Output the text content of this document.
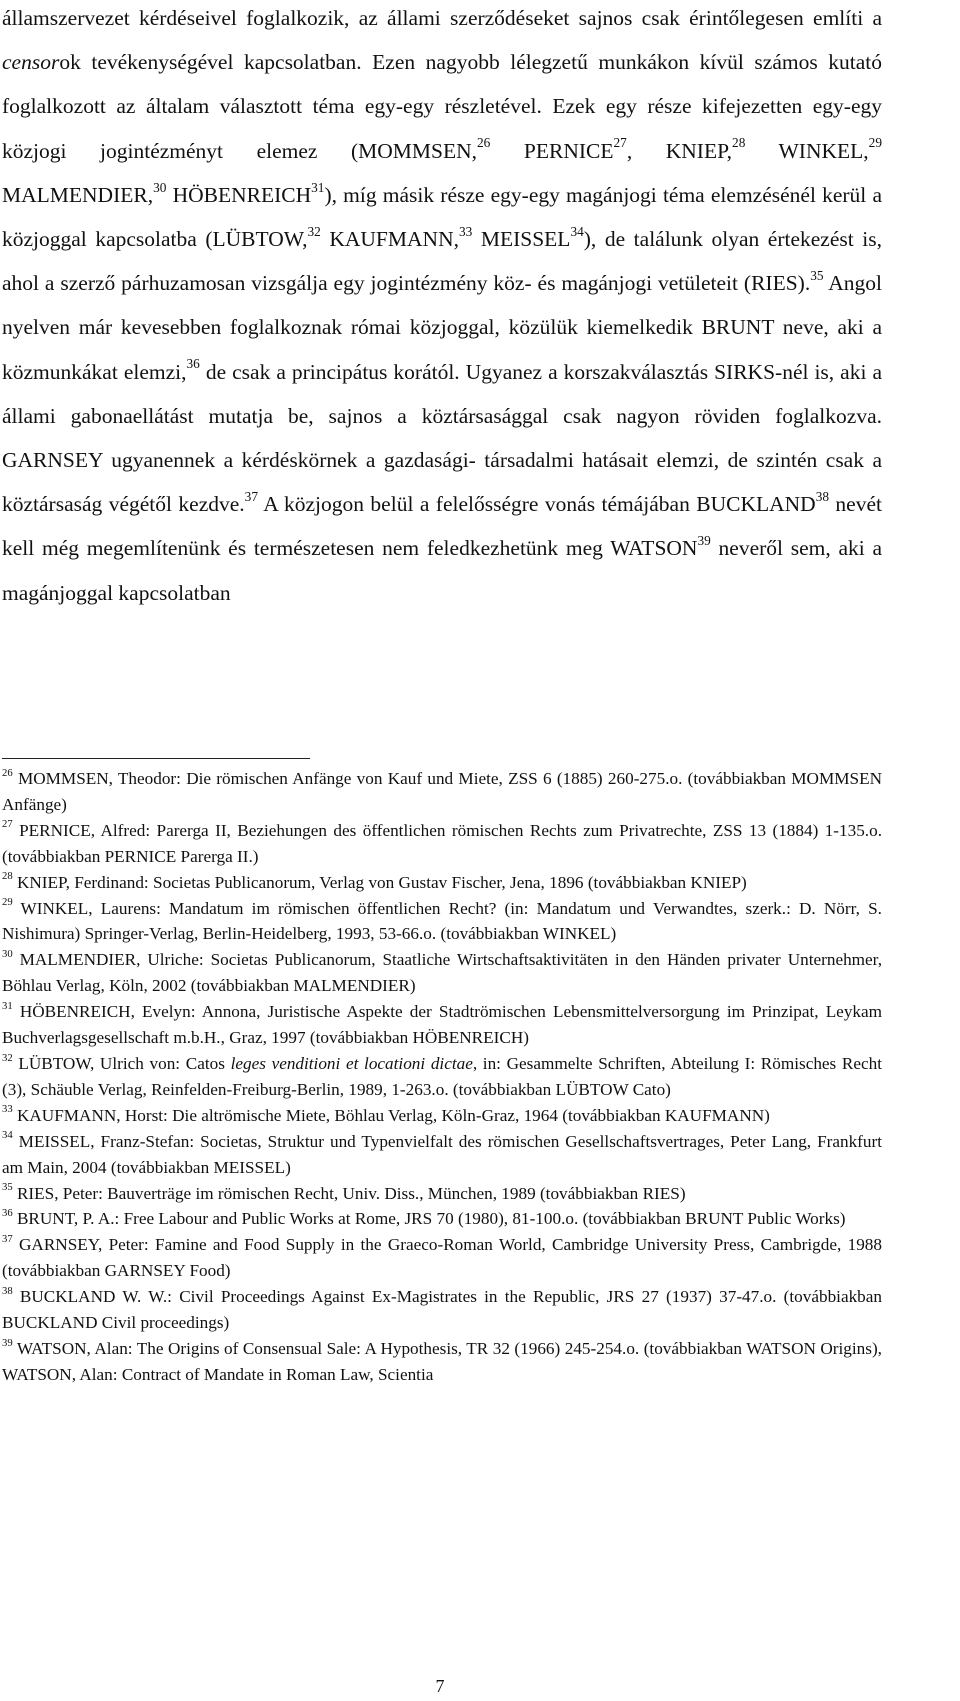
államszervezet kérdéseivel foglalkozik, az állami szerződéseket sajnos csak érintőlegesen említi a censorok tevékenységével kapcsolatban. Ezen nagyobb lélegzetű munkákon kívül számos kutató foglalkozott az általam választott téma egy-egy részletével. Ezek egy része kifejezetten egy-egy közjogi jogintézményt elemez (MOMMSEN,$^{26}$ PERNICE$^{27}$, KNIEP,$^{28}$ WINKEL,$^{29}$ MALMENDIER,$^{30}$ HÖBENREICH$^{31}$), míg másik része egy-egy magánjogi téma elemzésénél kerül a közjoggal kapcsolatba (LÜBTOW,$^{32}$ KAUFMANN,$^{33}$ MEISSEL$^{34}$), de találunk olyan értekezést is, ahol a szerző párhuzamosan vizsgálja egy jogintézmény köz- és magánjogi vetületeit (RIES).$^{35}$ Angol nyelven már kevesebben foglalkoznak római közjoggal, közülük kiemelkedik BRUNT neve, aki a közmunkákat elemzi,$^{36}$ de csak a principátus korától. Ugyanez a korszakválasztás SIRKS-nél is, aki a állami gabonaellátást mutatja be, sajnos a köztársasággal csak nagyon röviden foglalkozva. GARNSEY ugyanennek a kérdéskörnek a gazdasági- társadalmi hatásait elemzi, de szintén csak a köztársaság végétől kezdve.$^{37}$ A közjogon belül a felelősségre vonás témájában BUCKLAND$^{38}$ nevét kell még megemlítenünk és természetesen nem feledkezhetünk meg WATSON$^{39}$ neveről sem, aki a magánjoggal kapcsolatban

$^{26}$ MOMMSEN, Theodor: Die römischen Anfänge von Kauf und Miete, ZSS 6 (1885) 260-275.o. (továbbiakban MOMMSEN Anfänge)

$^{27}$ PERNICE, Alfred: Parerga II, Beziehungen des öffentlichen römischen Rechts zum Privatrechte, ZSS 13 (1884) 1-135.o. (továbbiakban PERNICE Parerga II.)

$^{28}$ KNIEP, Ferdinand: Societas Publicanorum, Verlag von Gustav Fischer, Jena, 1896 (továbbiakban KNIEP)

$^{29}$ WINKEL, Laurens: Mandatum im römischen öffentlichen Recht? (in: Mandatum und Verwandtes, szerk.: D. Nörr, S. Nishimura) Springer-Verlag, Berlin-Heidelberg, 1993, 53-66.o. (továbbiakban WINKEL)

$^{30}$ MALMENDIER, Ulriche: Societas Publicanorum, Staatliche Wirtschaftsaktivitäten in den Händen privater Unternehmer, Böhlau Verlag, Köln, 2002 (továbbiakban MALMENDIER)

$^{31}$ HÖBENREICH, Evelyn: Annona, Juristische Aspekte der Stadtrömischen Lebensmittelversorgung im Prinzipat, Leykam Buchverlagsgesellschaft m.b.H., Graz, 1997 (továbbiakban HÖBENREICH)

$^{32}$ LÜBTOW, Ulrich von: Catos leges venditioni et locationi dictae, in: Gesammelte Schriften, Abteilung I: Römisches Recht (3), Schäuble Verlag, Reinfelden-Freiburg-Berlin, 1989, 1-263.o. (továbbiakban LÜBTOW Cato)

$^{33}$ KAUFMANN, Horst: Die altrömische Miete, Böhlau Verlag, Köln-Graz, 1964 (továbbiakban KAUFMANN)

$^{34}$ MEISSEL, Franz-Stefan: Societas, Struktur und Typenvielfalt des römischen Gesellschaftsvertrages, Peter Lang, Frankfurt am Main, 2004 (továbbiakban MEISSEL)

$^{35}$ RIES, Peter: Bauverträge im römischen Recht, Univ. Diss., München, 1989 (továbbiakban RIES)

$^{36}$ BRUNT, P. A.: Free Labour and Public Works at Rome, JRS 70 (1980), 81-100.o. (továbbiakban BRUNT Public Works)

$^{37}$ GARNSEY, Peter: Famine and Food Supply in the Graeco-Roman World, Cambridge University Press, Cambrigde, 1988 (továbbiakban GARNSEY Food)

$^{38}$ BUCKLAND W. W.: Civil Proceedings Against Ex-Magistrates in the Republic, JRS 27 (1937) 37-47.o. (továbbiakban BUCKLAND Civil proceedings)

$^{39}$ WATSON, Alan: The Origins of Consensual Sale: A Hypothesis, TR 32 (1966) 245-254.o. (továbbiakban WATSON Origins), WATSON, Alan: Contract of Mandate in Roman Law, Scientia

7
